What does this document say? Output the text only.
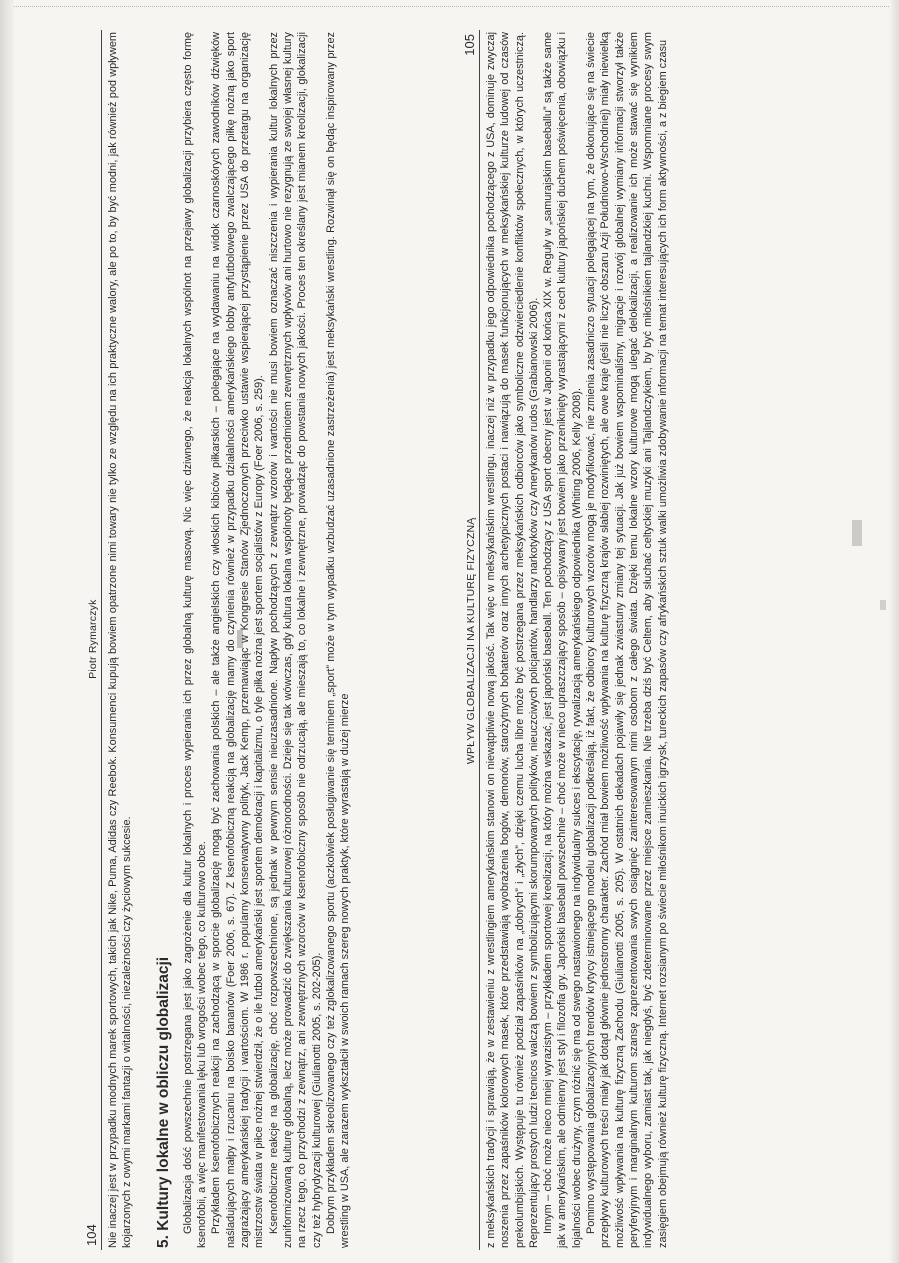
104
Piotr Rymarczyk Nie inaczej jest w przypadku modnych marek sportowych, takich jak Nike, Puma, Adidas czy Reebok. Konsumenci kupują bowiem opatrzone nimi towary nie tylko ze względu na ich praktyczne walory, ale po to, by być modni, jak również pod wpływem kojarzonych z owymi markami fantazji o witalności, niezależności czy życiowym sukcesie. 5. Kultury lokalne w obliczu globalizacji Globalizacja dość powszechnie postrzegana jest jako zagrożenie dla kultur lokalnych i proces wypierania ich przez globalną kulturę masową. Nic więc dziwnego, że reakcja lokalnych wspólnot na przejawy globalizacji przybiera często formę ksenofobii, a więc manifestowania lęku lub wrogości wobec tego, co kulturowo obce. Przykładem ksenofobicznych reakcji na zachodzącą w sporcie globalizację mogą być zachowania polskich – ale także angielskich czy włoskich kibiców piłkarskich – polegające na wydawaniu na widok czarnoskórych zawodników dźwięków naśladujących małpy i rzucaniu na boisko bananów (Foer 2006, s. 67). Z ksenofobiczną reakcją na globalizację mamy do czynienia również w przypadku działalności amerykańskiego lobby antyfutbolowego zwalczającego piłkę nożną jako sport zagrażający amerykańskiej tradycji i wartościom. W 1986 r. popularny konserwatywny polityk, Jack Kemp, przemawiając w Kongresie Stanów Zjednoczonych przeciwko ustawie wspierającej przystąpienie przez USA do przetargu na organizację mistrzostw świata w piłce nożnej stwierdził, że o ile futbol amerykański jest sportem demokracji i kapitalizmu, o tyle piłka nożna jest sportem socjalistów z Europy (Foer 2006, s. 259). Ksenofobiczne reakcje na globalizację, choć rozpowszechnione, są jednak w pewnym sensie nieuzasadnione. Napływ pochodzących z zewnątrz wzorów i wartości nie musi bowiem oznaczać niszczenia i wypierania kultur lokalnych przez zuniformizowaną kulturę globalną, lecz może prowadzić do zwiększania kulturowej różnorodności. Dzieje się tak wówczas, gdy kultura lokalna wspólnoty będące przedmiotem zewnętrznych wpływów ani hurtowo nie rezygnują ze swojej własnej kultury na rzecz tego, co przychodzi z zewnątrz, ani zewnętrznych wzorców w ksenofobiczny sposób nie odrzucają, ale mieszają to, co lokalne i zewnętrzne, prowadząc do powstania nowych jakości. Proces ten określany jest mianem kreolizacji, glokalizacji czy też hybrydyzacji kulturowej (Giulianotti 2005, s. 202-205). Dobrym przykładem skreolizowanego czy też zglokalizowanego sportu (aczkolwiek posługiwanie się terminem „sport” może w tym wypadku wzbudzać uzasadnione zastrzeżenia) jest meksykański wrestling. Rozwinął się on będąc inspirowany przez wrestling w USA, ale zarazem wykształcił w swoich ramach szereg nowych praktyk, które wyrastają w dużej mierze

WPŁYW GLOBALIZACJI NA KULTURĘ FIZYCZNĄ
105 z meksykańskich tradycji i sprawiają, że w zestawieniu z wrestlingiem amerykańskim stanowi on niewątpliwie nową jakość. Tak więc w meksykańskim wrestlingu, inaczej niż w przypadku jego odpowiednika pochodzącego z USA, dominuje zwyczaj noszenia przez zapaśników kolorowych masek, które przedstawiają wyobrażenia bogów, demonów, starożytnych bohaterów oraz innych archetypicznych postaci i nawiązują do masek funkcjonujących w meksykańskiej kulturze ludowej od czasów prekolumbijskich. Występuje tu również podział zapaśników na „dobrych” i „złych”, dzięki czemu lucha libre może być postrzegana przez meksykańskich odbiorców jako symboliczne odzwierciedlenie konfliktów społecznych, w których uczestniczą. Reprezentujący prostych ludzi tecnicos walczą bowiem z symbolizującymi skorumpowanych polityków, nieuczciwych policjantów, handlarzy narkotyków czy Amerykanów rudos (Grabianowski 2006). Innym – choć może nieco mniej wyrazistym – przykładem sportowej kreolizacji, na który można wskazać, jest japoński baseball. Ten pochodzący z USA sport obecny jest w Japonii od końca XIX w. Reguły w „samurajskim baseballu” są także same jak w amerykańskim, ale odmienny jest styl i filozofia gry. Japoński baseball powszechnie – choć może w nieco upraszczający sposób – opisywany jest bowiem jako przeniknięty wyrastającymi z cech kultury japońskiej duchem poświęcenia, obowiązku i lojalności wobec drużyny, czym różnić się ma od swego nastawionego na indywidualny sukces i ekscytację, rywalizacją amerykańskiego odpowiednika (Whiting 2006, Kelly 2008). Pomimo występowania globalizacyjnych trendów krytycy istniejącego modelu globalizacji podkreślają, iż fakt, że odbiorcy kulturowych wzorów mogą je modyfikować, nie zmienia zasadniczo sytuacji polegającej na tym, że dokonujące się na świecie przepływy kulturowych treści miały jak dotąd głównie jednostronny charakter. Zachód miał bowiem możliwość wpływania na kulturę fizyczną krajów słabiej rozwiniętych, ale owe kraje (jeśli nie liczyć obszaru Azji Południowo-Wschodniej) miały niewielką możliwość wpływania na kulturę fizyczną Zachodu (Giulianotti 2005, s. 205). W ostatnich dekadach pojawiły się jednak zwiastuny zmiany tej sytuacji. Jak już bowiem wspominaliśmy, migracje i rozwój globalnej wymiany informacji stworzył także peryferyjnym i marginalnym kulturom szansę zaprezentowania swych osiągnięć zainteresowanym nimi osobom z całego świata. Dzięki temu lokalne wzory kulturowe mogą ulegać delokalizacji, a realizowanie ich może stawać się wynikiem indywidualnego wyboru, zamiast tak, jak niegdyś, być zdeterminowane przez miejsce zamieszkania. Nie trzeba dziś być Celtem, aby słuchać celtyckiej muzyki ani Tajlandczykiem, by być miłośnikiem tajlandzkiej kuchni. Wspomniane procesy swym zasięgiem obejmują również kulturę fizyczną. Internet rozsianym po świecie miłośnikom inuickich igrzysk, tureckich zapasów czy afrykańskich sztuk walki umożliwia zdobywanie informacji na temat interesujących ich form aktywności, a z biegiem czasu
